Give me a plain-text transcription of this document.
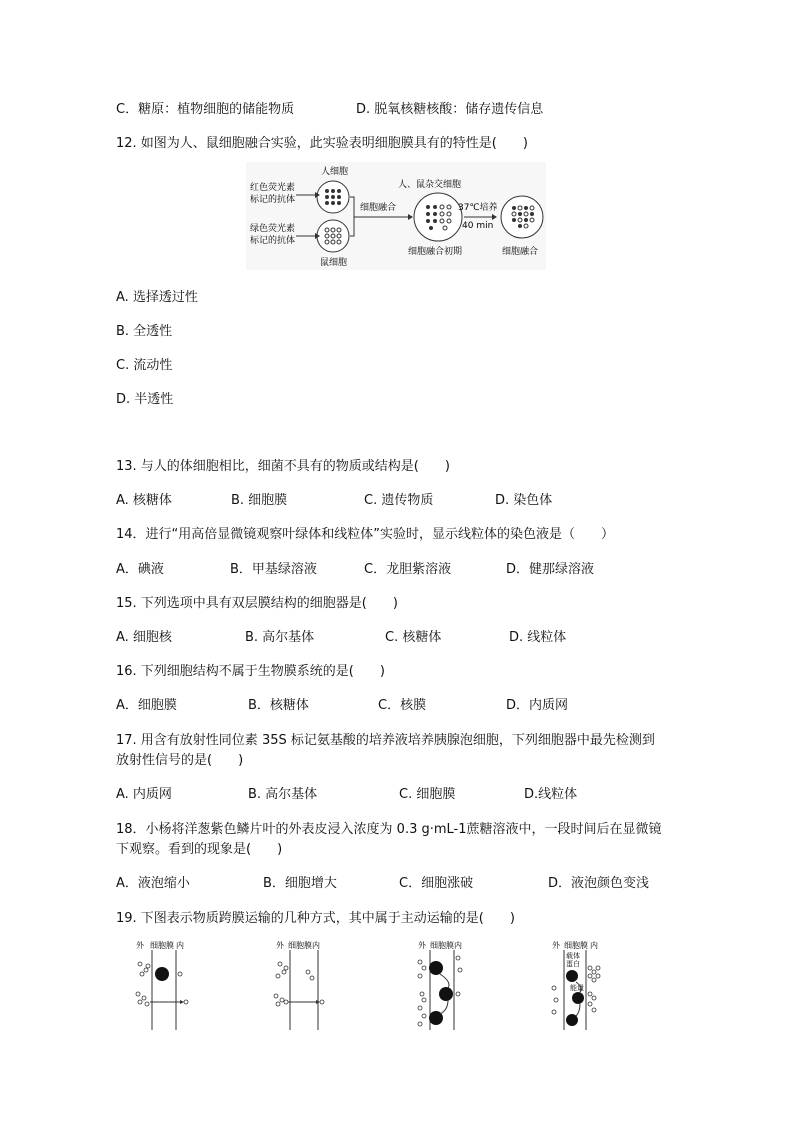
C．糖原：植物细胞的储能物质	D. 脱氧核糖核酸：储存遗传信息
12. 如图为人、鼠细胞融合实验，此实验表明细胞膜具有的特性是(　　)
人细胞
红色荧光素
标记的抗体
绿色荧光素
标记的抗体
鼠细胞
细胞融合
人、鼠杂交细胞
细胞融合初期
37℃培养
40 min
细胞融合
A. 选择透过性
B. 全透性
C. 流动性
D. 半透性
13. 与人的体细胞相比，细菌不具有的物质或结构是(　　)
A. 核糖体	B. 细胞膜	C. 遗传物质	D. 染色体
14．进行“用高倍显微镜观察叶绿体和线粒体”实验时，显示线粒体的染色液是（　　）
A．碘液	B．甲基绿溶液	C．龙胆紫溶液	D．健那绿溶液
15. 下列选项中具有双层膜结构的细胞器是(　　)
A. 细胞核	B. 高尔基体	C. 核糖体	D. 线粒体
16. 下列细胞结构不属于生物膜系统的是(　　)
A．细胞膜	B．核糖体	C．核膜	D．内质网
17. 用含有放射性同位素 35S 标记氨基酸的培养液培养胰腺泡细胞，下列细胞器中最先检测到
放射性信号的是(　　)
A. 内质网	B. 高尔基体	C. 细胞膜	D.线粒体
18．小杨将洋葱紫色鳞片叶的外表皮浸入浓度为 0.3 g·mL-1蔗糖溶液中，一段时间后在显微镜
下观察。看到的现象是(　　)
A．液泡缩小	B．细胞增大	C．细胞涨破	D．液泡颜色变浅
19. 下图表示物质跨膜运输的几种方式，其中属于主动运输的是(　　)
外 细胞膜 内	外 细胞膜 内	外 细胞膜 内	外 细胞膜 内
载体
蛋白
能量
